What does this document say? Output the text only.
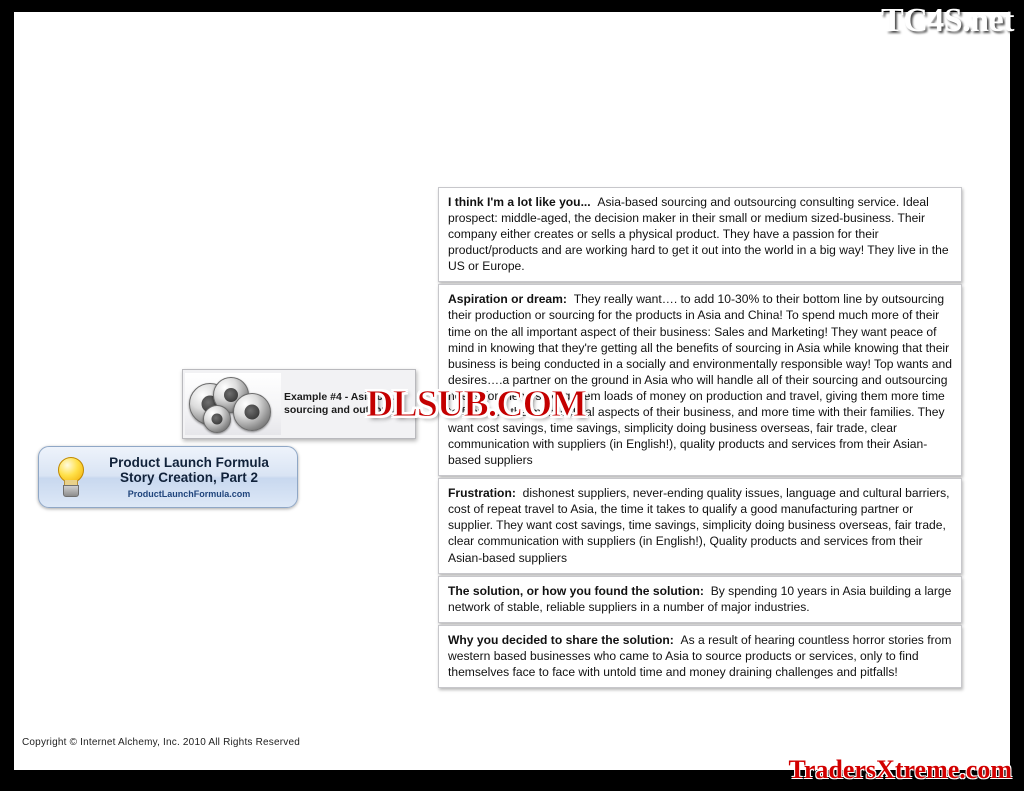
TC4S.net
Copyright © Internet Alchemy, Inc. 2010 All Rights Reserved
Product Launch Formula
Story Creation, Part 2
ProductLaunchFormula.com
Example #4 - Asia-ba... sourcing and outsour...
I think I'm a lot like you... Asia-based sourcing and outsourcing consulting service. Ideal prospect: middle-aged, the decision maker in their small or medium sized-business. Their company either creates or sells a physical product. They have a passion for their product/products and are working hard to get it out into the world in a big way! They live in the US or Europe.
Aspiration or dream: They really want…. to add 10-30% to their bottom line by outsourcing their production or sourcing for the products in Asia and China! To spend much more of their time on the all important aspect of their business: Sales and Marketing! They want peace of mind in knowing that they're getting all the benefits of sourcing in Asia while knowing that their business is being conducted in a socially and environmentally responsible way! Top wants and desires….a partner on the ground in Asia who will handle all of their sourcing and outsourcing needs for them, saving them loads of money on production and travel, giving them more time to focus on the most critical aspects of their business, and more time with their families. They want cost savings, time savings, simplicity doing business overseas, fair trade, clear communication with suppliers (in English!), quality products and services from their Asian-based suppliers
Frustration: dishonest suppliers, never-ending quality issues, language and cultural barriers, cost of repeat travel to Asia, the time it takes to qualify a good manufacturing partner or supplier. They want cost savings, time savings, simplicity doing business overseas, fair trade, clear communication with suppliers (in English!), Quality products and services from their Asian-based suppliers
The solution, or how you found the solution: By spending 10 years in Asia building a large network of stable, reliable suppliers in a number of major industries.
Why you decided to share the solution: As a result of hearing countless horror stories from western based businesses who came to Asia to source products or services, only to find themselves face to face with untold time and money draining challenges and pitfalls!
DLSUB.COM
TradersXtreme.com
